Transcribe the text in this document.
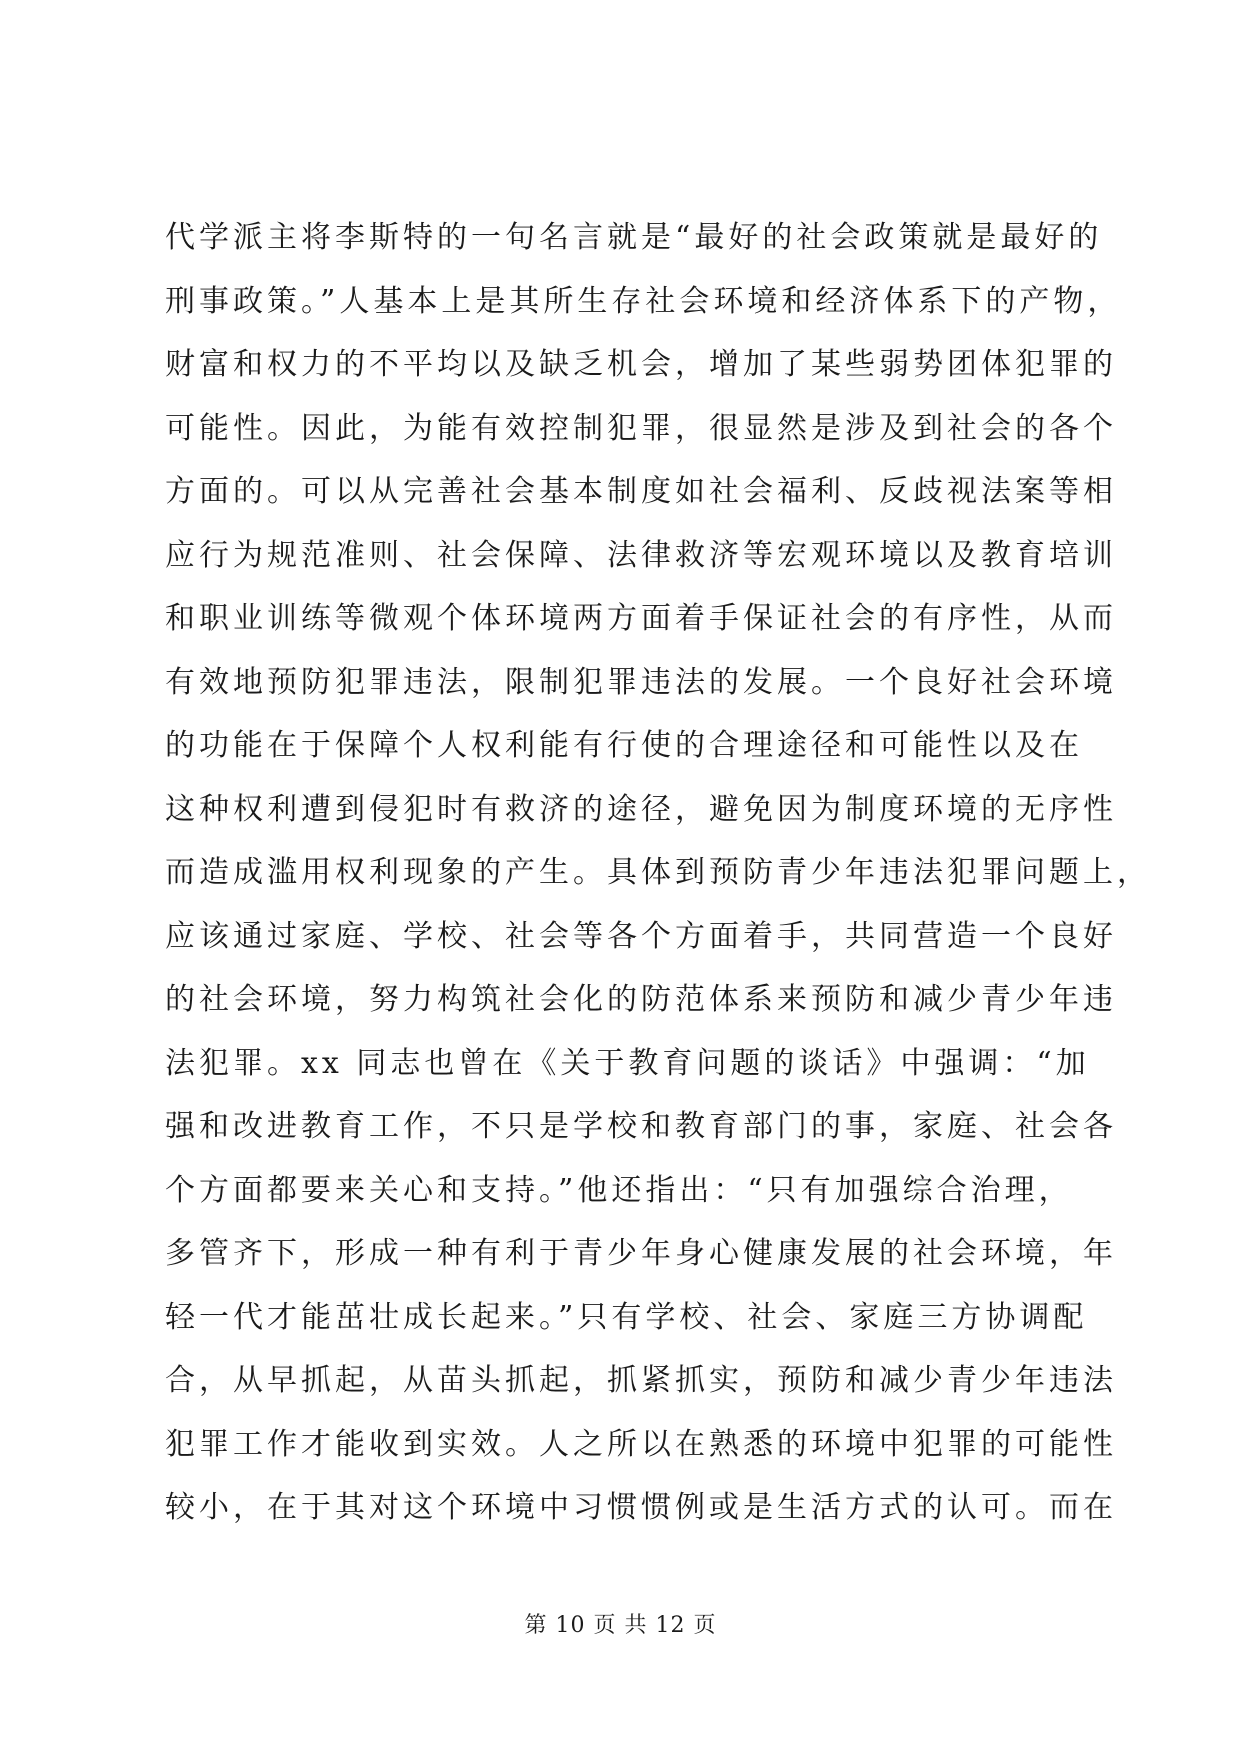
代学派主将李斯特的一句名言就是“最好的社会政策就是最好的
刑事政策。”人基本上是其所生存社会环境和经济体系下的产物，
财富和权力的不平均以及缺乏机会，增加了某些弱势团体犯罪的
可能性。因此，为能有效控制犯罪，很显然是涉及到社会的各个
方面的。可以从完善社会基本制度如社会福利、反歧视法案等相
应行为规范准则、社会保障、法律救济等宏观环境以及教育培训
和职业训练等微观个体环境两方面着手保证社会的有序性，从而
有效地预防犯罪违法，限制犯罪违法的发展。一个良好社会环境
的功能在于保障个人权利能有行使的合理途径和可能性以及在
这种权利遭到侵犯时有救济的途径，避免因为制度环境的无序性
而造成滥用权利现象的产生。具体到预防青少年违法犯罪问题上，
应该通过家庭、学校、社会等各个方面着手，共同营造一个良好
的社会环境，努力构筑社会化的防范体系来预防和减少青少年违
法犯罪。xx 同志也曾在《关于教育问题的谈话》中强调：“加
强和改进教育工作，不只是学校和教育部门的事，家庭、社会各
个方面都要来关心和支持。”他还指出：“只有加强综合治理，
多管齐下，形成一种有利于青少年身心健康发展的社会环境，年
轻一代才能茁壮成长起来。”只有学校、社会、家庭三方协调配
合，从早抓起，从苗头抓起，抓紧抓实，预防和减少青少年违法
犯罪工作才能收到实效。人之所以在熟悉的环境中犯罪的可能性
较小，在于其对这个环境中习惯惯例或是生活方式的认可。而在
第 10 页 共 12 页
